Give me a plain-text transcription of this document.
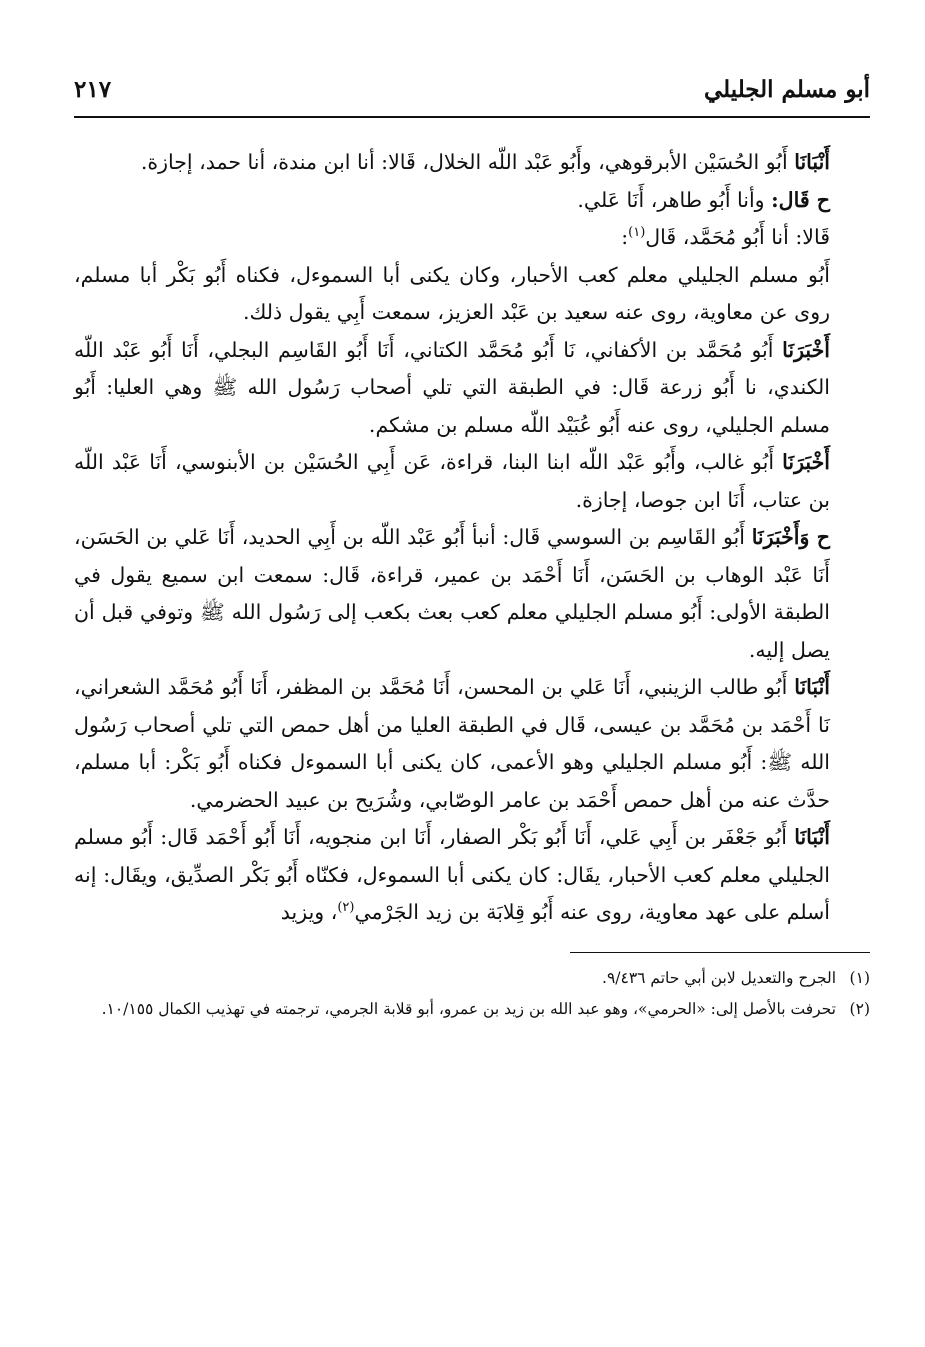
أبو مسلم الجليلي
٢١٧

أَنْبَانَا أَبُو الحُسَيْن الأبرقوهي، وأَبُو عَبْد اللّه الخلال، قَالا: أنا ابن مندة، أنا حمد، إجازة.

ح قَال: وأنا أَبُو طاهر، أَنَا عَلي.

قَالا: أنا أَبُو مُحَمَّد، قَال$^{(١)}$:

أَبُو مسلم الجليلي معلم كعب الأحبار، وكان يكنى أبا السموءل، فكناه أَبُو بَكْر أبا مسلم، روى عن معاوية، روى عنه سعيد بن عَبْد العزيز، سمعت أَبِي يقول ذلك.

أَخْبَرَنَا أَبُو مُحَمَّد بن الأكفاني، نَا أَبُو مُحَمَّد الكتاني، أَنَا أَبُو القَاسِم البجلي، أَنَا أَبُو عَبْد اللّه الكندي، نا أَبُو زرعة قَال: في الطبقة التي تلي أصحاب رَسُول الله ﷺ وهي العليا: أَبُو مسلم الجليلي، روى عنه أَبُو عُبَيْد اللّه مسلم بن مشكم.

أَخْبَرَنَا أَبُو غالب، وأَبُو عَبْد اللّه ابنا البنا، قراءة، عَن أَبِي الحُسَيْن بن الأبنوسي، أَنَا عَبْد اللّه بن عتاب، أَنَا ابن جوصا، إجازة.

ح وَأَخْبَرَنَا أَبُو القَاسِم بن السوسي قَال: أنبأ أَبُو عَبْد اللّه بن أَبِي الحديد، أَنَا عَلي بن الحَسَن، أَنَا عَبْد الوهاب بن الحَسَن، أَنَا أَحْمَد بن عمير، قراءة، قَال: سمعت ابن سميع يقول في الطبقة الأولى: أَبُو مسلم الجليلي معلم كعب بعث بكعب إلى رَسُول الله ﷺ وتوفي قبل أن يصل إليه.

أَنْبَانَا أَبُو طالب الزينبي، أَنَا عَلي بن المحسن، أَنَا مُحَمَّد بن المظفر، أَنَا أَبُو مُحَمَّد الشعراني، نَا أَحْمَد بن مُحَمَّد بن عيسى، قَال في الطبقة العليا من أهل حمص التي تلي أصحاب رَسُول الله ﷺ: أَبُو مسلم الجليلي وهو الأعمى، كان يكنى أبا السموءل فكناه أَبُو بَكْر: أبا مسلم، حدَّث عنه من أهل حمص أَحْمَد بن عامر الوصّابي، وشُرَيح بن عبيد الحضرمي.

أَنْبَانَا أَبُو جَعْفَر بن أَبِي عَلي، أَنَا أَبُو بَكْر الصفار، أَنَا ابن منجويه، أَنَا أَبُو أَحْمَد قَال: أَبُو مسلم الجليلي معلم كعب الأحبار، يقَال: كان يكنى أبا السموءل، فكنّاه أَبُو بَكْر الصدِّيق، ويقَال: إنه أسلم على عهد معاوية، روى عنه أَبُو قِلابَة بن زيد الجَرْمي$^{(٢)}$، ويزيد

(١)
الجرح والتعديل لابن أبي حاتم ٩/٤٣٦.
(٢)
تحرفت بالأصل إلى: «الحرمي»، وهو عبد الله بن زيد بن عمرو، أبو قلابة الجرمي، ترجمته في تهذيب الكمال ١٠/١٥٥.
